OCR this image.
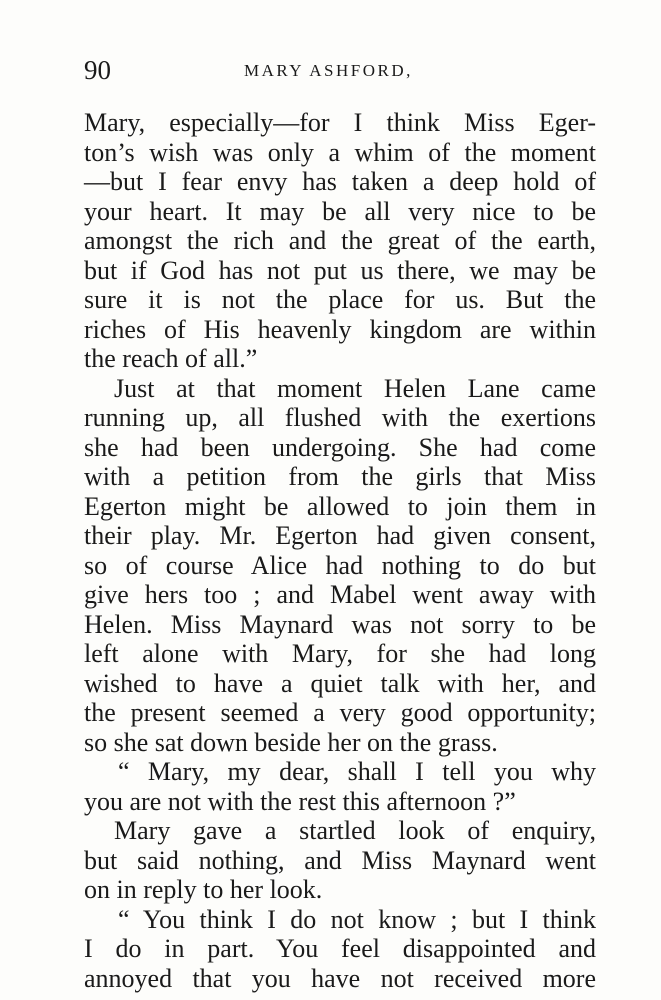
90	MARY ASHFORD,
Mary, especially—for I think Miss Eger-
ton’s wish was only a whim of the moment
—but I fear envy has taken a deep hold of
your heart. It may be all very nice to be
amongst the rich and the great of the earth,
but if God has not put us there, we may be
sure it is not the place for us. But the
riches of His heavenly kingdom are within
the reach of all.”
Just at that moment Helen Lane came
running up, all flushed with the exertions
she had been undergoing. She had come
with a petition from the girls that Miss
Egerton might be allowed to join them in
their play. Mr. Egerton had given consent,
so of course Alice had nothing to do but
give hers too ; and Mabel went away with
Helen. Miss Maynard was not sorry to be
left alone with Mary, for she had long
wished to have a quiet talk with her, and
the present seemed a very good opportunity;
so she sat down beside her on the grass.
“ Mary, my dear, shall I tell you why
you are not with the rest this afternoon ?”
Mary gave a startled look of enquiry,
but said nothing, and Miss Maynard went
on in reply to her look.
“ You think I do not know ; but I think
I do in part. You feel disappointed and
annoyed that you have not received more
